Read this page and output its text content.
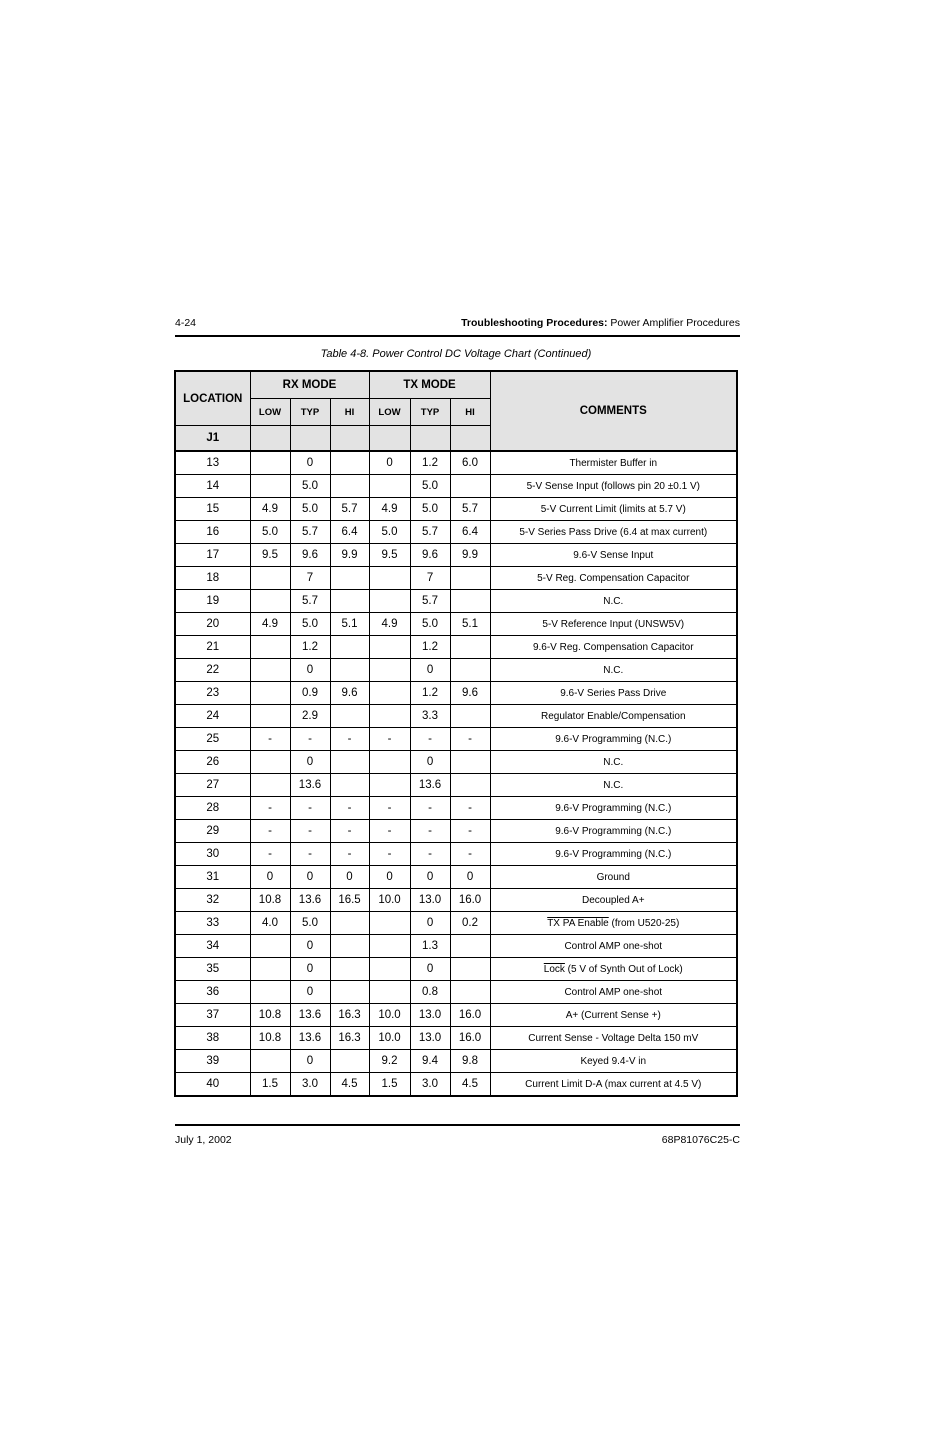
4-24	Troubleshooting Procedures: Power Amplifier Procedures
Table 4-8. Power Control DC Voltage Chart (Continued)
LOCATION	RX MODE			TX MODE			COMMENTS
	LOW	TYP	HI	LOW	TYP	HI	
J1							
13		0		0	1.2	6.0	Thermister Buffer in
14		5.0			5.0		5-V Sense Input (follows pin 20 ±0.1 V)
15	4.9	5.0	5.7	4.9	5.0	5.7	5-V Current Limit (limits at 5.7 V)
16	5.0	5.7	6.4	5.0	5.7	6.4	5-V Series Pass Drive (6.4 at max current)
17	9.5	9.6	9.9	9.5	9.6	9.9	9.6-V Sense Input
18		7			7		5-V Reg. Compensation Capacitor
19		5.7			5.7		N.C.
20	4.9	5.0	5.1	4.9	5.0	5.1	5-V Reference Input (UNSW5V)
21		1.2			1.2		9.6-V Reg. Compensation Capacitor
22		0			0		N.C.
23		0.9	9.6		1.2	9.6	9.6-V Series Pass Drive
24		2.9			3.3		Regulator Enable/Compensation
25	-	-	-	-	-	-	9.6-V Programming (N.C.)
26		0			0		N.C.
27		13.6			13.6		N.C.
28	-	-	-	-	-	-	9.6-V Programming (N.C.)
29	-	-	-	-	-	-	9.6-V Programming (N.C.)
30	-	-	-	-	-	-	9.6-V Programming (N.C.)
31	0	0	0	0	0	0	Ground
32	10.8	13.6	16.5	10.0	13.0	16.0	Decoupled A+
33	4.0	5.0			0	0.2	TX PA Enable (from U520-25)
34		0			1.3		Control AMP one-shot
35		0			0		Lock (5 V of Synth Out of Lock)
36		0			0.8		Control AMP one-shot
37	10.8	13.6	16.3	10.0	13.0	16.0	A+ (Current Sense +)
38	10.8	13.6	16.3	10.0	13.0	16.0	Current Sense - Voltage Delta 150 mV
39		0		9.2	9.4	9.8	Keyed 9.4-V in
40	1.5	3.0	4.5	1.5	3.0	4.5	Current Limit D-A (max current at 4.5 V)
July 1, 2002	68P81076C25-C
